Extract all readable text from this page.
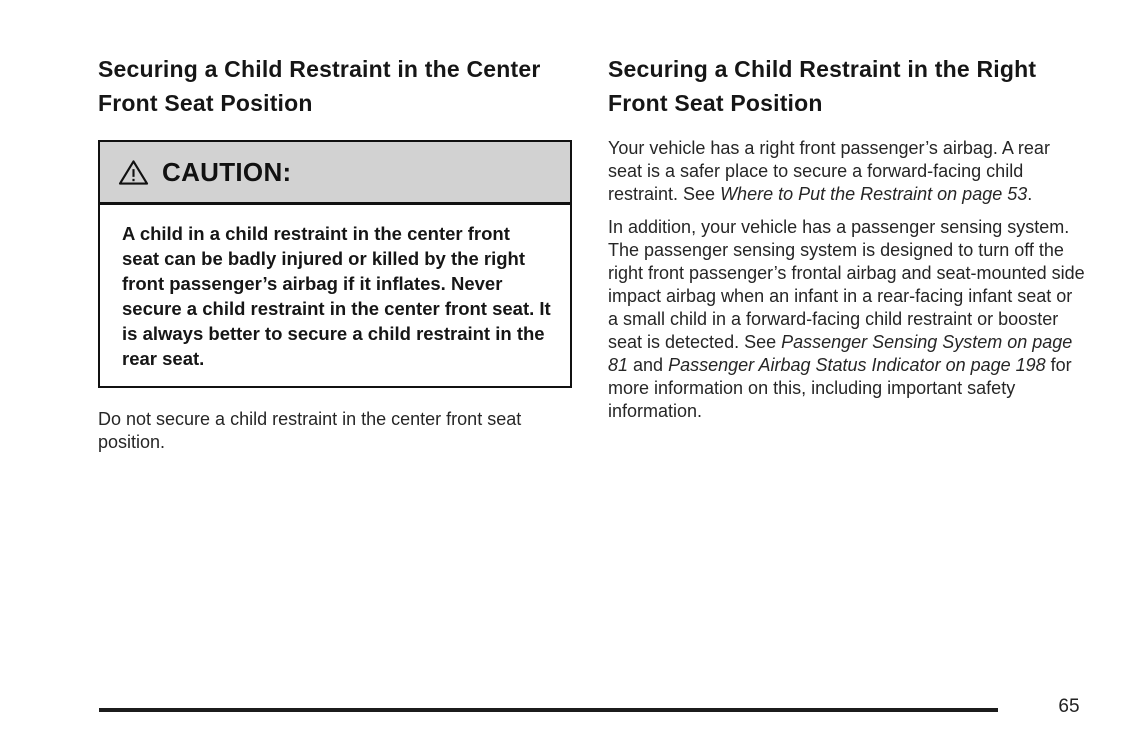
Securing a Child Restraint in the Center Front Seat Position
CAUTION:
A child in a child restraint in the center front seat can be badly injured or killed by the right front passenger’s airbag if it inflates. Never secure a child restraint in the center front seat. It is always better to secure a child restraint in the rear seat.

Do not secure a child restraint in the center front seat position.

Securing a Child Restraint in the Right Front Seat Position

Your vehicle has a right front passenger’s airbag. A rear seat is a safer place to secure a forward-facing child restraint. See Where to Put the Restraint on page 53.

In addition, your vehicle has a passenger sensing system. The passenger sensing system is designed to turn off the right front passenger’s frontal airbag and seat-mounted side impact airbag when an infant in a rear-facing infant seat or a small child in a forward-facing child restraint or booster seat is detected. See Passenger Sensing System on page 81 and Passenger Airbag Status Indicator on page 198 for more information on this, including important safety information.

65
